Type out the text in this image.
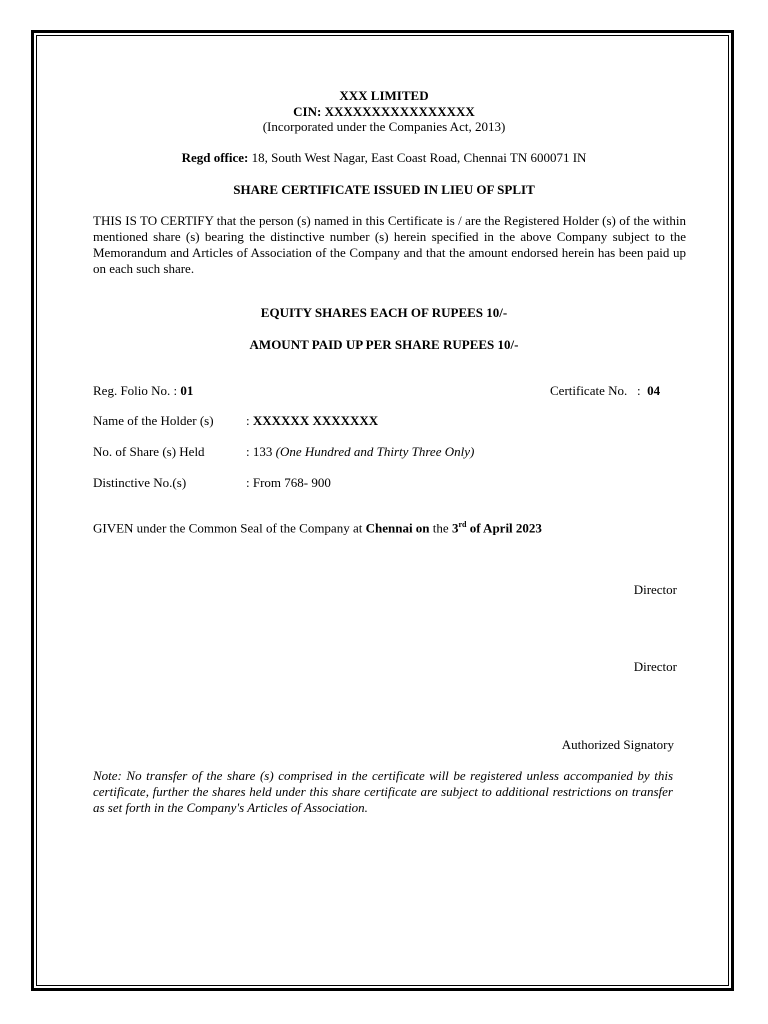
XXX LIMITED
CIN: XXXXXXXXXXXXXXXX
(Incorporated under the Companies Act, 2013)
Regd office: 18, South West Nagar, East Coast Road, Chennai TN 600071 IN
SHARE CERTIFICATE ISSUED IN LIEU OF SPLIT
THIS IS TO CERTIFY that the person (s) named in this Certificate is / are the Registered Holder (s) of the within mentioned share (s) bearing the distinctive number (s) herein specified in the above Company subject to the Memorandum and Articles of Association of the Company and that the amount endorsed herein has been paid up on each such share.
EQUITY SHARES EACH OF RUPEES 10/-
AMOUNT PAID UP PER SHARE RUPEES 10/-
Reg. Folio No. : 01	Certificate No.   :  04
Name of the Holder (s) : XXXXXX XXXXXXX
No. of Share (s) Held	: 133 (One Hundred and Thirty Three Only)
Distinctive No.(s)	: From 768- 900
GIVEN under the Common Seal of the Company at Chennai on the 3rd of April 2023
Director
Director
Authorized Signatory
Note: No transfer of the share (s) comprised in the certificate will be registered unless accompanied by this certificate, further the shares held under this share certificate are subject to additional restrictions on transfer as set forth in the Company's Articles of Association.
